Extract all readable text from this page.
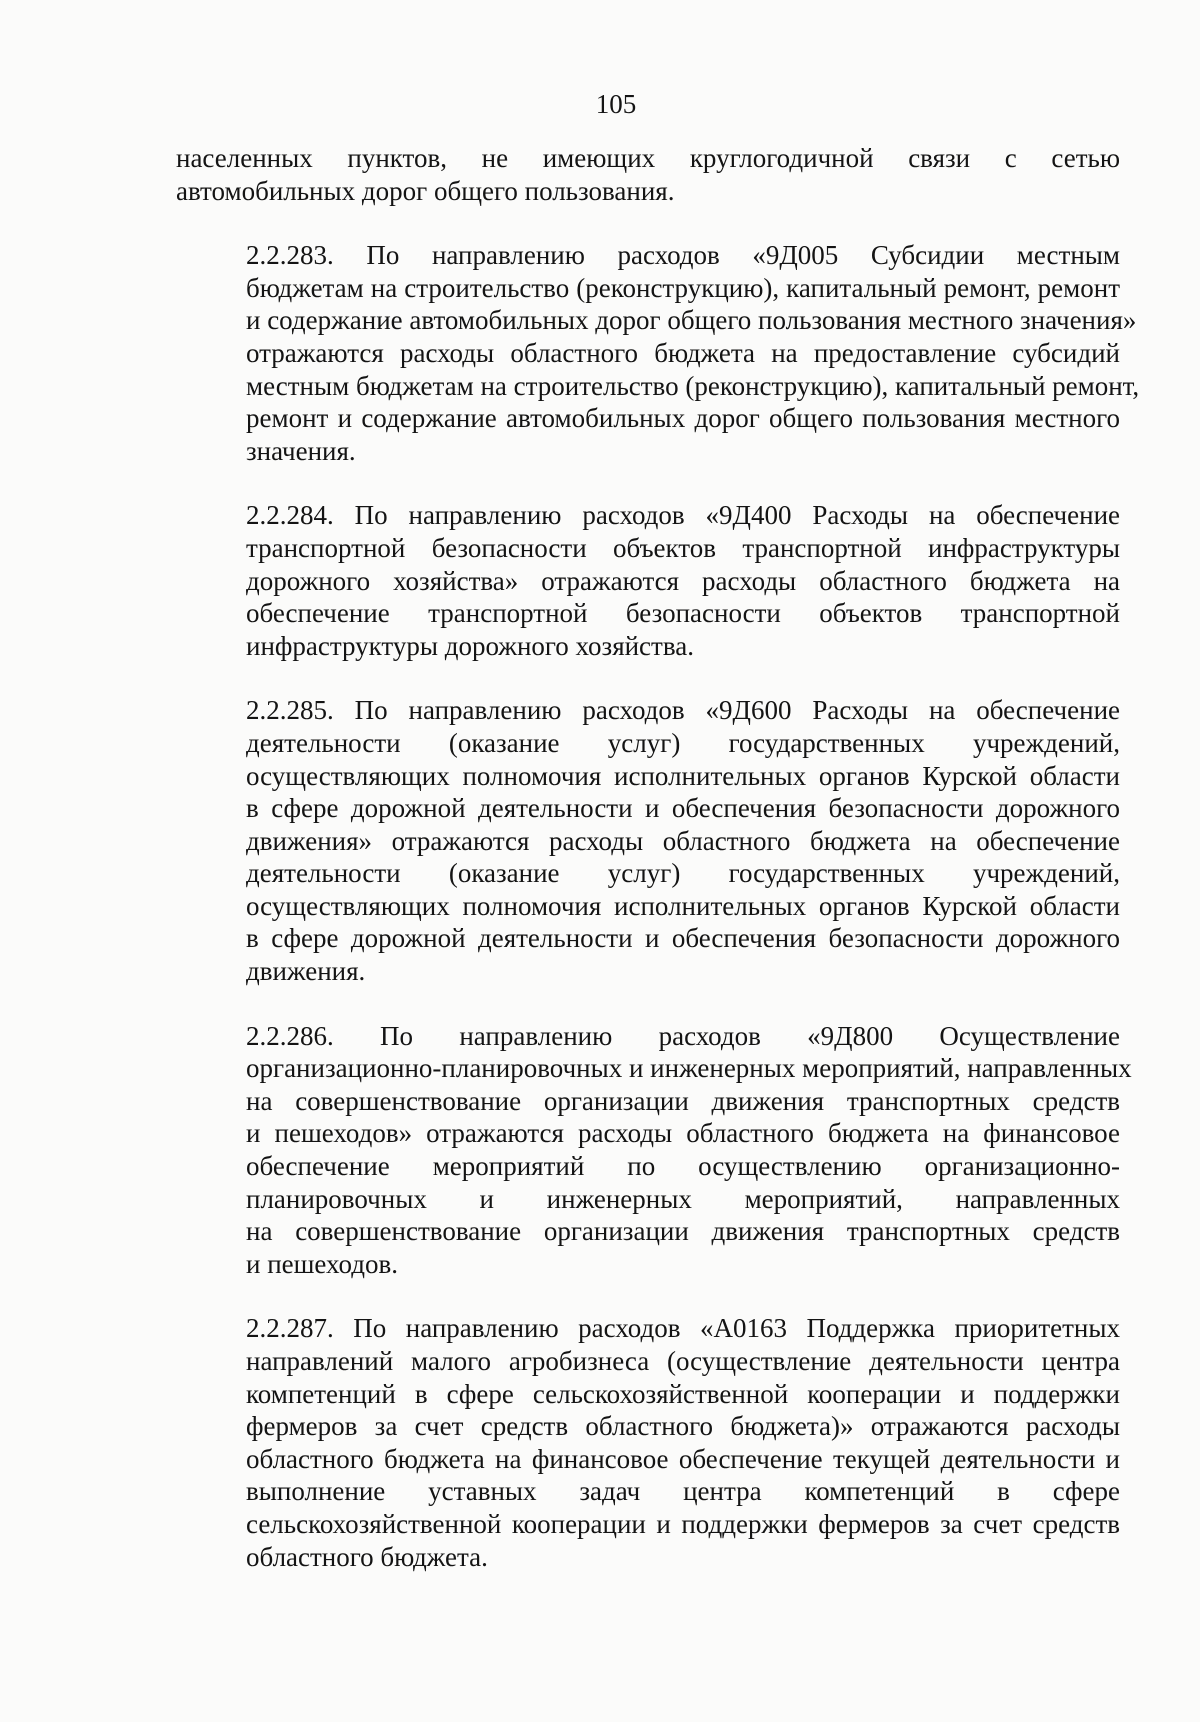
105

населенных пунктов, не имеющих круглогодичной связи с сетью
автомобильных дорог общего пользования.

2.2.283. По направлению расходов «9Д005 Субсидии местным
бюджетам на строительство (реконструкцию), капитальный ремонт, ремонт
и содержание автомобильных дорог общего пользования местного значения»
отражаются расходы областного бюджета на предоставление субсидий
местным бюджетам на строительство (реконструкцию), капитальный ремонт,
ремонт и содержание автомобильных дорог общего пользования местного
значения.

2.2.284. По направлению расходов «9Д400 Расходы на обеспечение
транспортной безопасности объектов транспортной инфраструктуры
дорожного хозяйства» отражаются расходы областного бюджета на
обеспечение транспортной безопасности объектов транспортной
инфраструктуры дорожного хозяйства.

2.2.285. По направлению расходов «9Д600 Расходы на обеспечение
деятельности (оказание услуг) государственных учреждений,
осуществляющих полномочия исполнительных органов Курской области
в сфере дорожной деятельности и обеспечения безопасности дорожного
движения» отражаются расходы областного бюджета на обеспечение
деятельности (оказание услуг) государственных учреждений,
осуществляющих полномочия исполнительных органов Курской области
в сфере дорожной деятельности и обеспечения безопасности дорожного
движения.

2.2.286. По направлению расходов «9Д800 Осуществление
организационно-планировочных и инженерных мероприятий, направленных
на совершенствование организации движения транспортных средств
и пешеходов» отражаются расходы областного бюджета на финансовое
обеспечение мероприятий по осуществлению организационно-
планировочных и инженерных мероприятий, направленных
на совершенствование организации движения транспортных средств
и пешеходов.

2.2.287. По направлению расходов «А0163 Поддержка приоритетных
направлений малого агробизнеса (осуществление деятельности центра
компетенций в сфере сельскохозяйственной кооперации и поддержки
фермеров за счет средств областного бюджета)» отражаются расходы
областного бюджета на финансовое обеспечение текущей деятельности и
выполнение уставных задач центра компетенций в сфере
сельскохозяйственной кооперации и поддержки фермеров за счет средств
областного бюджета.
